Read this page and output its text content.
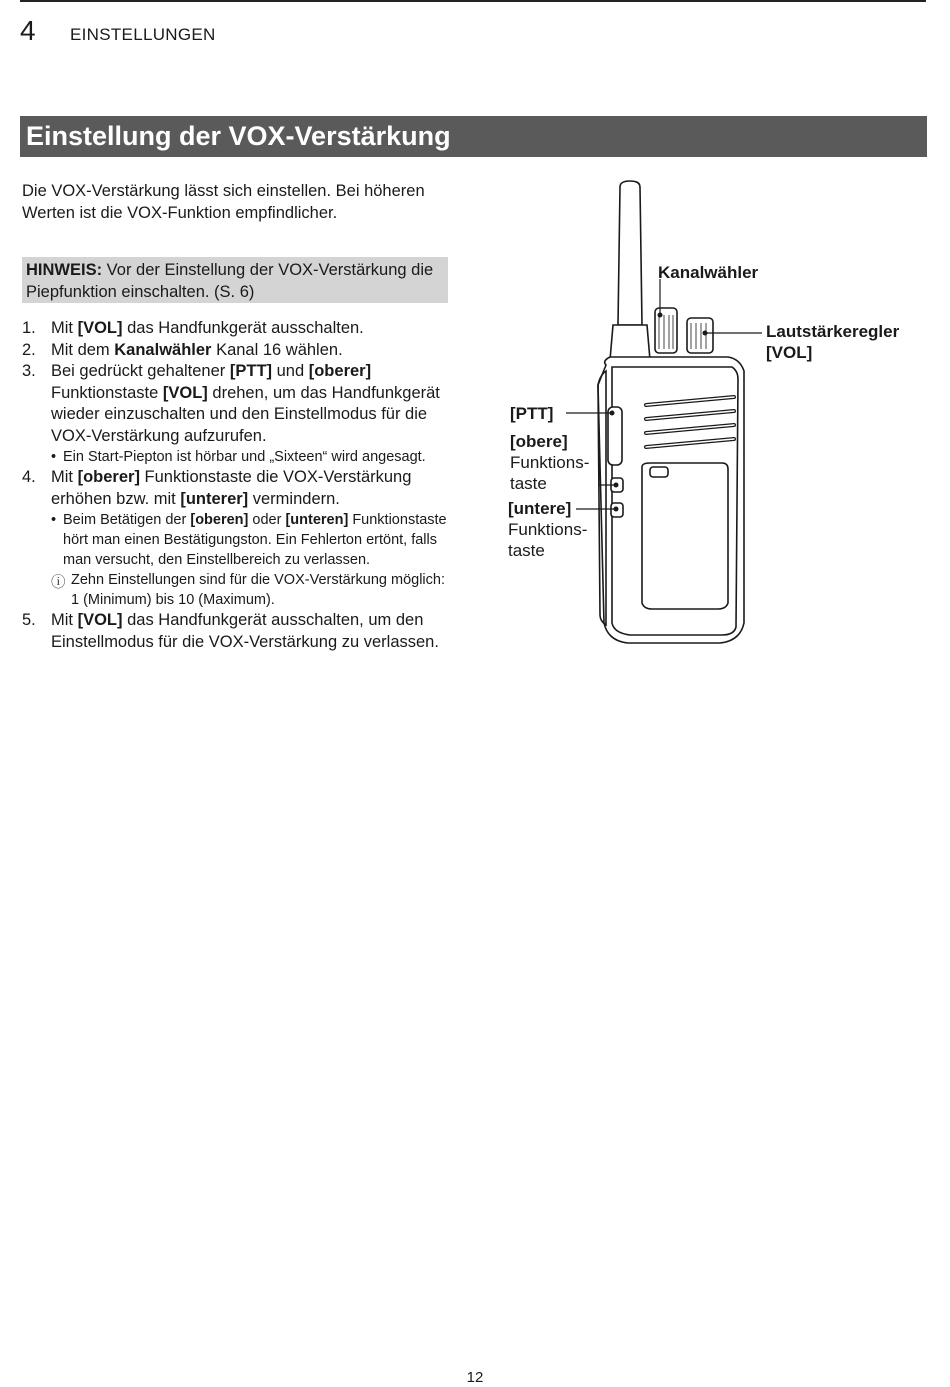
4 EINSTELLUNGEN
Einstellung der VOX-Verstärkung
Die VOX-Verstärkung lässt sich einstellen. Bei höheren Werten ist die VOX-Funktion empfindlicher.
HINWEIS: Vor der Einstellung der VOX-Verstärkung die Piepfunktion einschalten. (S. 6)
1. Mit [VOL] das Handfunkgerät ausschalten.
2. Mit dem Kanalwähler Kanal 16 wählen.
3. Bei gedrückt gehaltener [PTT] und [oberer] Funktionstaste [VOL] drehen, um das Handfunkgerät wieder einzuschalten und den Einstellmodus für die VOX-Verstärkung aufzurufen.
• Ein Start-Piepton ist hörbar und „Sixteen“ wird angesagt.
4. Mit [oberer] Funktionstaste die VOX-Verstärkung erhöhen bzw. mit [unterer] vermindern.
• Beim Betätigen der [oberen] oder [unteren] Funktionstaste hört man einen Bestätigungston. Ein Fehlerton ertönt, falls man versucht, den Einstellbereich zu verlassen.
ⓘ Zehn Einstellungen sind für die VOX-Verstärkung möglich: 1 (Minimum) bis 10 (Maximum).
5. Mit [VOL] das Handfunkgerät ausschalten, um den Einstellmodus für die VOX-Verstärkung zu verlassen.
Kanalwähler
Lautstärkeregler
[VOL]
[PTT]
[obere]
Funktions-
taste
[untere]
Funktions-
taste
12
